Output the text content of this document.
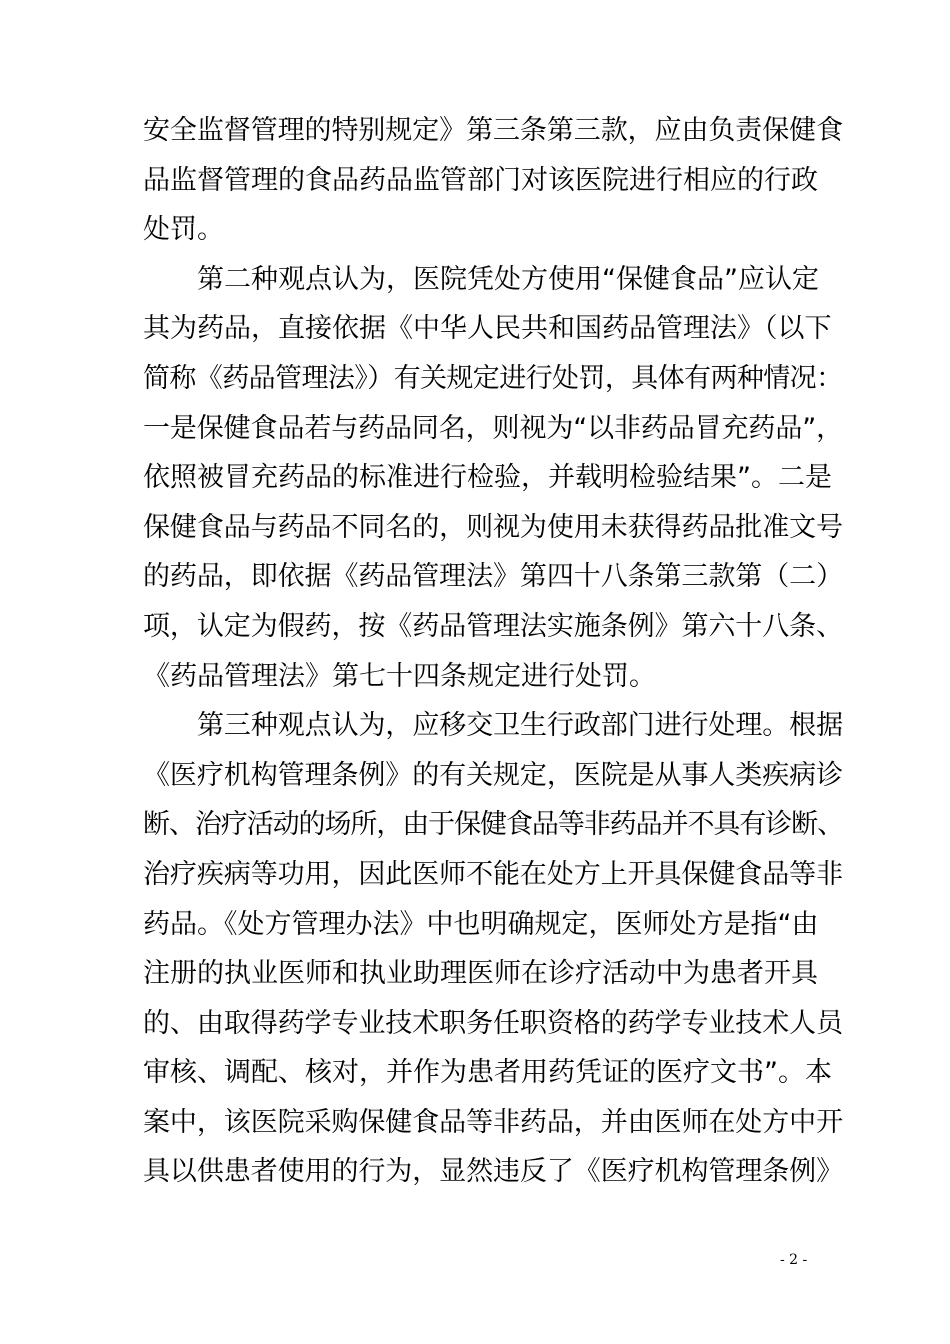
安全监督管理的特别规定》第三条第三款，应由负责保健食
品监督管理的食品药品监管部门对该医院进行相应的行政
处罚。
第二种观点认为，医院凭处方使用“保健食品”应认定
其为药品，直接依据《中华人民共和国药品管理法》（以下
简称《药品管理法》）有关规定进行处罚，具体有两种情况：
一是保健食品若与药品同名，则视为“以非药品冒充药品”，
依照被冒充药品的标准进行检验，并载明检验结果”。二是
保健食品与药品不同名的，则视为使用未获得药品批准文号
的药品，即依据《药品管理法》第四十八条第三款第（二）
项，认定为假药，按《药品管理法实施条例》第六十八条、
《药品管理法》第七十四条规定进行处罚。
第三种观点认为，应移交卫生行政部门进行处理。根据
《医疗机构管理条例》的有关规定，医院是从事人类疾病诊
断、治疗活动的场所，由于保健食品等非药品并不具有诊断、
治疗疾病等功用，因此医师不能在处方上开具保健食品等非
药品。《处方管理办法》中也明确规定，医师处方是指“由
注册的执业医师和执业助理医师在诊疗活动中为患者开具
的、由取得药学专业技术职务任职资格的药学专业技术人员
审核、调配、核对，并作为患者用药凭证的医疗文书”。本
案中，该医院采购保健食品等非药品，并由医师在处方中开
具以供患者使用的行为，显然违反了《医疗机构管理条例》
- 2 -
